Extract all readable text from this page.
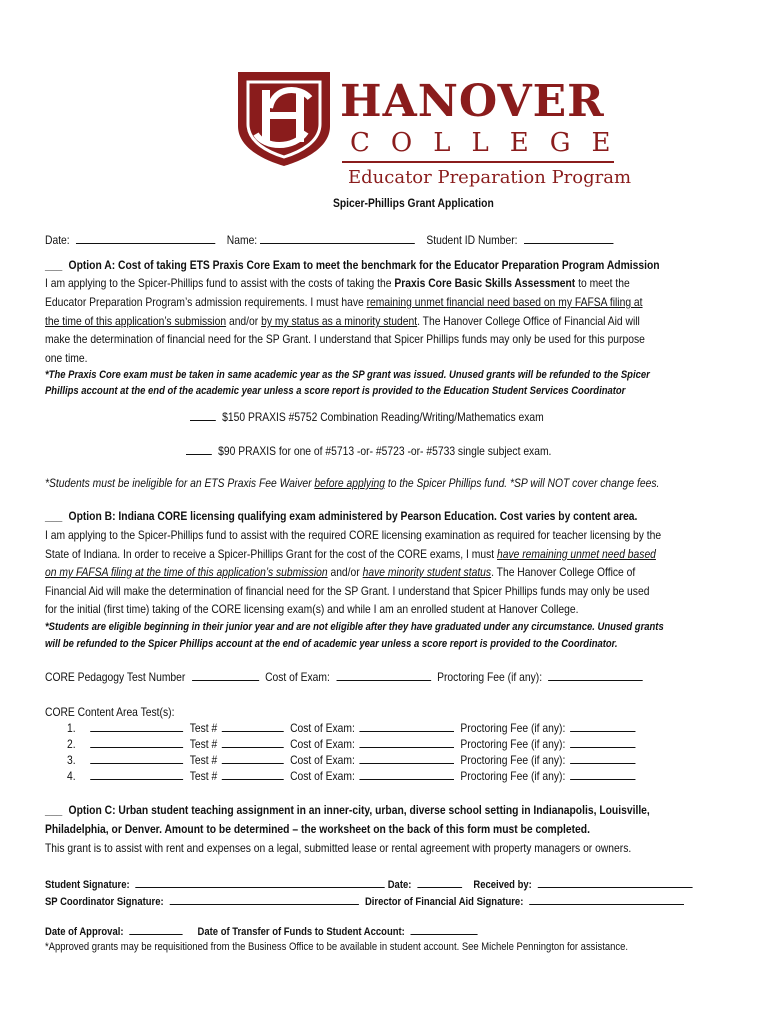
HANOVER
COLLEGE
Educator Preparation Program
Spicer-Phillips Grant Application
Date:	Name:	Student ID Number:
___ Option A: Cost of taking ETS Praxis Core Exam to meet the benchmark for the Educator Preparation Program Admission
I am applying to the Spicer-Phillips fund to assist with the costs of taking the Praxis Core Basic Skills Assessment to meet the
Educator Preparation Program’s admission requirements. I must have remaining unmet financial need based on my FAFSA filing at
the time of this application’s submission and/or by my status as a minority student. The Hanover College Office of Financial Aid will
make the determination of financial need for the SP Grant. I understand that Spicer Phillips funds may only be used for this purpose
one time.
*The Praxis Core exam must be taken in same academic year as the SP grant was issued. Unused grants will be refunded to the Spicer
Phillips account at the end of the academic year unless a score report is provided to the Education Student Services Coordinator
$150 PRAXIS #5752 Combination Reading/Writing/Mathematics exam
$90 PRAXIS for one of #5713 -or- #5723 -or- #5733 single subject exam.
*Students must be ineligible for an ETS Praxis Fee Waiver before applying to the Spicer Phillips fund. *SP will NOT cover change fees.
___ Option B: Indiana CORE licensing qualifying exam administered by Pearson Education. Cost varies by content area.
I am applying to the Spicer-Phillips fund to assist with the required CORE licensing examination as required for teacher licensing by the
State of Indiana. In order to receive a Spicer-Phillips Grant for the cost of the CORE exams, I must have remaining unmet need based
on my FAFSA filing at the time of this application’s submission and/or have minority student status. The Hanover College Office of
Financial Aid will make the determination of financial need for the SP Grant. I understand that Spicer Phillips funds may only be used
for the initial (first time) taking of the CORE licensing exam(s) and while I am an enrolled student at Hanover College.
*Students are eligible beginning in their junior year and are not eligible after they have graduated under any circumstance. Unused grants
will be refunded to the Spicer Phillips account at the end of academic year unless a score report is provided to the Coordinator.
CORE Pedagogy Test Number	Cost of Exam:	Proctoring Fee (if any):
CORE Content Area Test(s):
1.	Test #	Cost of Exam:	Proctoring Fee (if any):
2.	Test #	Cost of Exam:	Proctoring Fee (if any):
3.	Test #	Cost of Exam:	Proctoring Fee (if any):
4.	Test #	Cost of Exam:	Proctoring Fee (if any):
___ Option C: Urban student teaching assignment in an inner-city, urban, diverse school setting in Indianapolis, Louisville,
Philadelphia, or Denver. Amount to be determined – the worksheet on the back of this form must be completed.
This grant is to assist with rent and expenses on a legal, submitted lease or rental agreement with property managers or owners.
Student Signature:	Date:	Received by:
SP Coordinator Signature:	Director of Financial Aid Signature:
Date of Approval:	Date of Transfer of Funds to Student Account:
*Approved grants may be requisitioned from the Business Office to be available in student account. See Michele Pennington for assistance.
